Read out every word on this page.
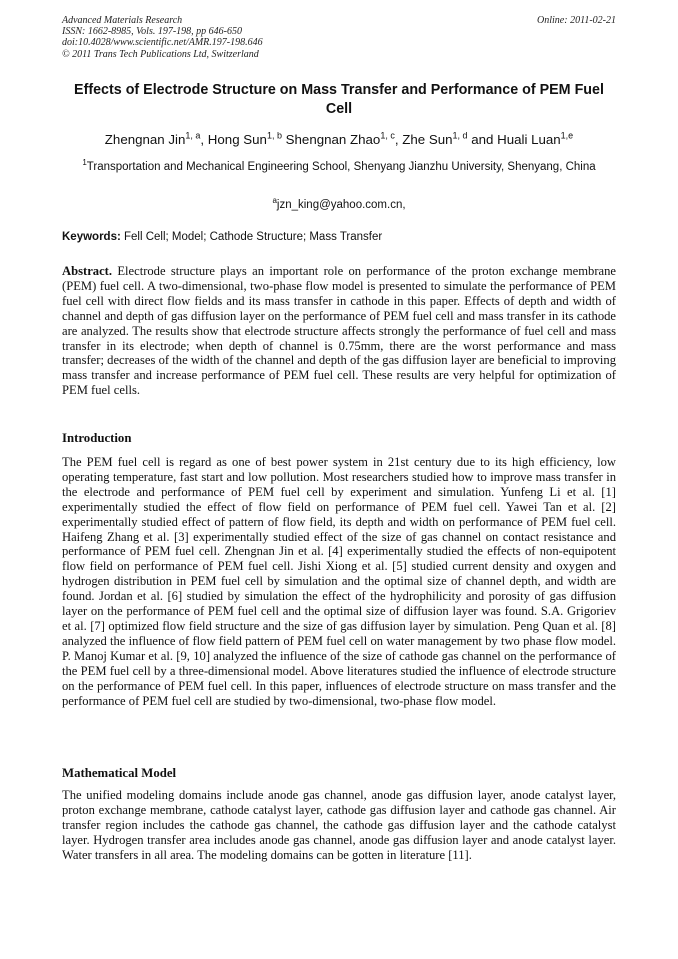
Advanced Materials Research
ISSN: 1662-8985, Vols. 197-198, pp 646-650
doi:10.4028/www.scientific.net/AMR.197-198.646
© 2011 Trans Tech Publications Ltd, Switzerland
Online: 2011-02-21
Effects of Electrode Structure on Mass Transfer and Performance of PEM Fuel Cell
Zhengnan Jin$^{1, a}$, Hong Sun$^{1, b}$ Shengnan Zhao$^{1, c}$, Zhe Sun$^{1, d}$ and Huali Luan$^{1,e}$
$^1$Transportation and Mechanical Engineering School, Shenyang Jianzhu University, Shenyang, China
$^a$jzn_king@yahoo.com.cn,
Keywords: Fell Cell; Model; Cathode Structure; Mass Transfer
Abstract. Electrode structure plays an important role on performance of the proton exchange membrane (PEM) fuel cell. A two-dimensional, two-phase flow model is presented to simulate the performance of PEM fuel cell with direct flow fields and its mass transfer in cathode in this paper. Effects of depth and width of channel and depth of gas diffusion layer on the performance of PEM fuel cell and mass transfer in its cathode are analyzed. The results show that electrode structure affects strongly the performance of fuel cell and mass transfer in its electrode; when depth of channel is 0.75mm, there are the worst performance and mass transfer; decreases of the width of the channel and depth of the gas diffusion layer are beneficial to improving mass transfer and increase performance of PEM fuel cell. These results are very helpful for optimization of PEM fuel cells.
Introduction
The PEM fuel cell is regard as one of best power system in 21st century due to its high efficiency, low operating temperature, fast start and low pollution. Most researchers studied how to improve mass transfer in the electrode and performance of PEM fuel cell by experiment and simulation. Yunfeng Li et al. [1] experimentally studied the effect of flow field on performance of PEM fuel cell. Yawei Tan et al. [2] experimentally studied effect of pattern of flow field, its depth and width on performance of PEM fuel cell. Haifeng Zhang et al. [3] experimentally studied effect of the size of gas channel on contact resistance and performance of PEM fuel cell. Zhengnan Jin et al. [4] experimentally studied the effects of non-equipotent flow field on performance of PEM fuel cell. Jishi Xiong et al. [5] studied current density and oxygen and hydrogen distribution in PEM fuel cell by simulation and the optimal size of channel depth, and width are found. Jordan et al. [6] studied by simulation the effect of the hydrophilicity and porosity of gas diffusion layer on the performance of PEM fuel cell and the optimal size of diffusion layer was found. S.A. Grigoriev et al. [7] optimized flow field structure and the size of gas diffusion layer by simulation. Peng Quan et al. [8] analyzed the influence of flow field pattern of PEM fuel cell on water management by two phase flow model. P. Manoj Kumar et al. [9, 10] analyzed the influence of the size of cathode gas channel on the performance of the PEM fuel cell by a three-dimensional model. Above literatures studied the influence of electrode structure on the performance of PEM fuel cell. In this paper, influences of electrode structure on mass transfer and the performance of PEM fuel cell are studied by two-dimensional, two-phase flow model.
Mathematical Model
The unified modeling domains include anode gas channel, anode gas diffusion layer, anode catalyst layer, proton exchange membrane, cathode catalyst layer, cathode gas diffusion layer and cathode gas channel. Air transfer region includes the cathode gas channel, the cathode gas diffusion layer and the cathode catalyst layer. Hydrogen transfer area includes anode gas channel, anode gas diffusion layer and anode catalyst layer. Water transfers in all area. The modeling domains can be gotten in literature [11].
